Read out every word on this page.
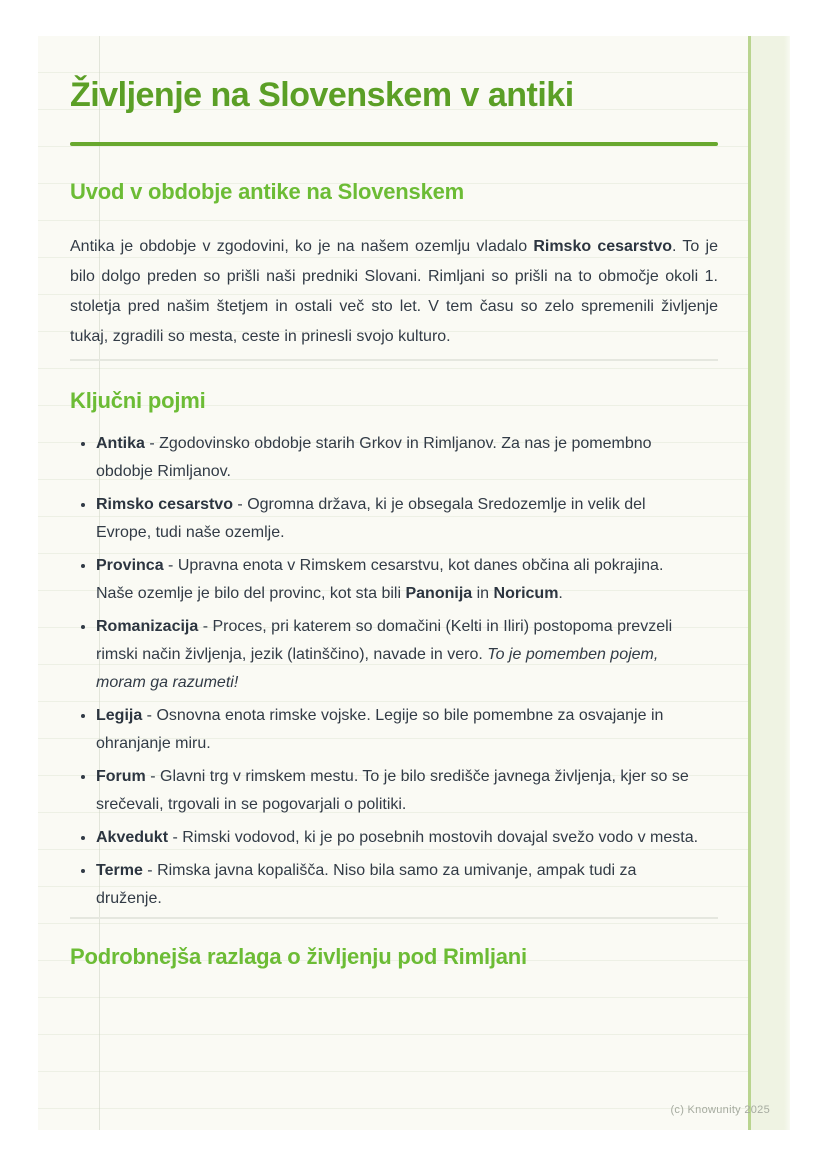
Življenje na Slovenskem v antiki
Uvod v obdobje antike na Slovenskem

Antika je obdobje v zgodovini, ko je na našem ozemlju vladalo Rimsko cesarstvo. To je bilo dolgo preden so prišli naši predniki Slovani. Rimljani so prišli na to območje okoli 1. stoletja pred našim štetjem in ostali več sto let. V tem času so zelo spremenili življenje tukaj, zgradili so mesta, ceste in prinesli svojo kulturo.

Ključni pojmi
• Antika - Zgodovinsko obdobje starih Grkov in Rimljanov. Za nas je pomembno obdobje Rimljanov.
• Rimsko cesarstvo - Ogromna država, ki je obsegala Sredozemlje in velik del Evrope, tudi naše ozemlje.
• Provinca - Upravna enota v Rimskem cesarstvu, kot danes občina ali pokrajina. Naše ozemlje je bilo del provinc, kot sta bili Panonija in Noricum.
• Romanizacija - Proces, pri katerem so domačini (Kelti in Iliri) postopoma prevzeli rimski način življenja, jezik (latinščino), navade in vero. To je pomemben pojem, moram ga razumeti!
• Legija - Osnovna enota rimske vojske. Legije so bile pomembne za osvajanje in ohranjanje miru.
• Forum - Glavni trg v rimskem mestu. To je bilo središče javnega življenja, kjer so se srečevali, trgovali in se pogovarjali o politiki.
• Akvedukt - Rimski vodovod, ki je po posebnih mostovih dovajal svežo vodo v mesta.
• Terme - Rimska javna kopališča. Niso bila samo za umivanje, ampak tudi za druženje.
Podrobnejša razlaga o življenju pod Rimljani
(c) Knowunity 2025
